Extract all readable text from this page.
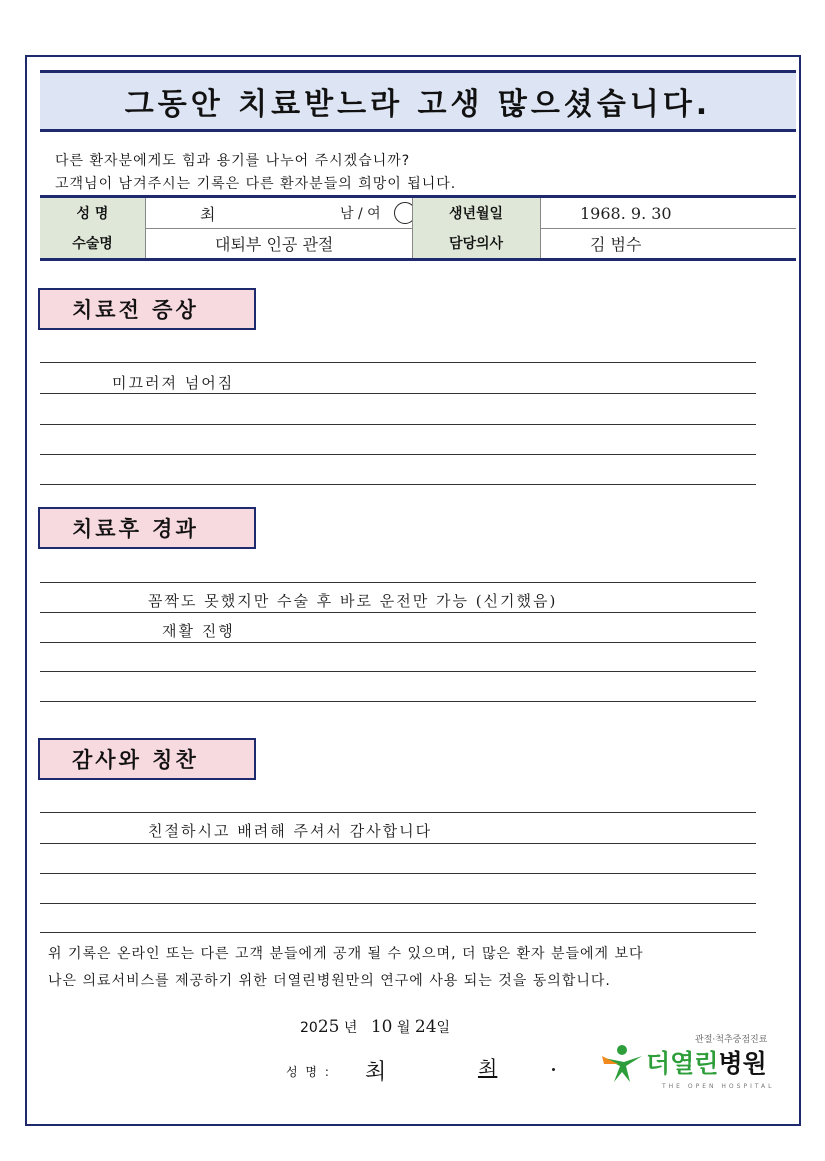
그동안 치료받느라 고생 많으셨습니다.
다른 환자분에게도 힘과 용기를 나누어 주시겠습니까?
고객님이 남겨주시는 기록은 다른 환자분들의 희망이 됩니다.
성 명	최	남 / 여	생년월일	1968. 9. 30
수술명	대퇴부 인공 관절	담당의사	김 범수
치료전 증상
미끄러져 넘어짐
치료후 경과
꼼짝도 못했지만 수술 후 바로 운전만 가능 (신기했음)
재활 진행
감사와 칭찬
친절하시고 배려해 주셔서 감사합니다
위 기록은 온라인 또는 다른 고객 분들에게 공개 될 수 있으며, 더 많은 환자 분들에게 보다
나은 의료서비스를 제공하기 위한 더열린병원만의 연구에 사용 되는 것을 동의합니다.
2025 년 10 월 24일
성 명 : 최	최
관절·척추중점진료
더열린병원
THE OPEN HOSPITAL
